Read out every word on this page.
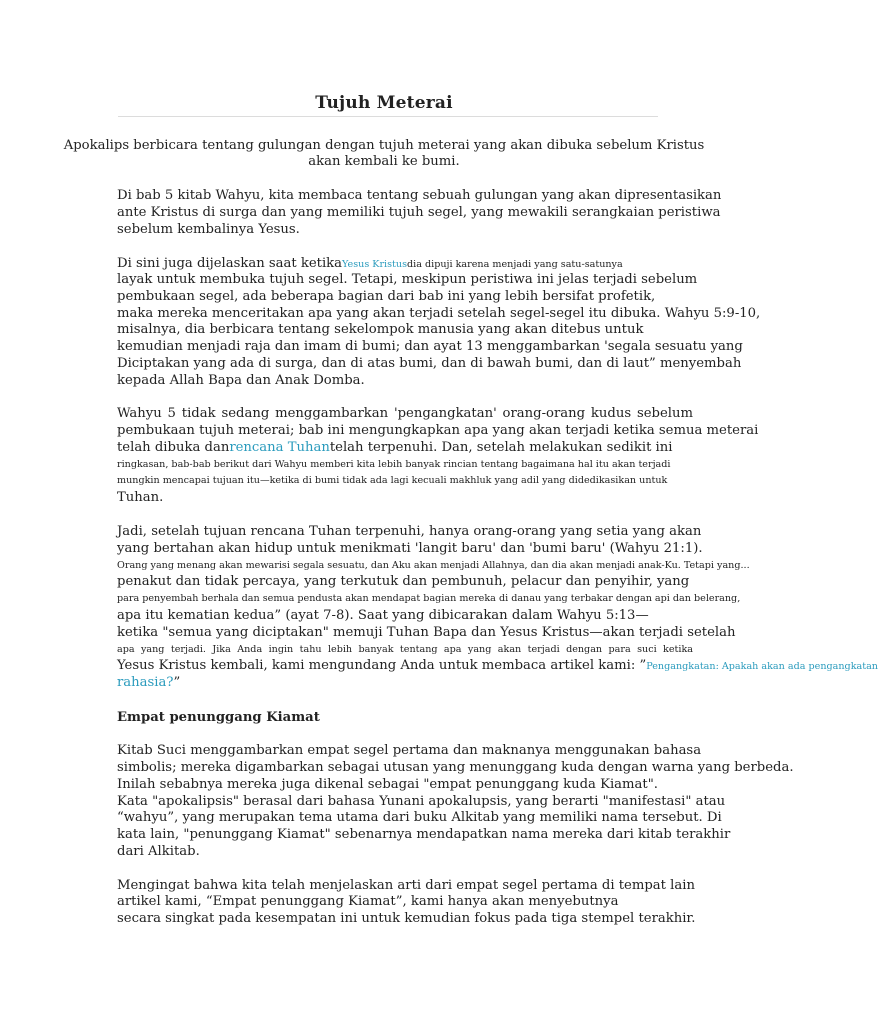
Tujuh Meterai
Apokalips berbicara tentang gulungan dengan tujuh meterai yang akan dibuka sebelum Kristus
akan kembali ke bumi.
Di bab 5 kitab Wahyu, kita membaca tentang sebuah gulungan yang akan dipresentasikan
ante Kristus di surga dan yang memiliki tujuh segel, yang mewakili serangkaian peristiwa
sebelum kembalinya Yesus.
Di sini juga dijelaskan saat ketikaYesus Kristusdia dipuji karena menjadi yang satu-satunya
layak untuk membuka tujuh segel. Tetapi, meskipun peristiwa ini jelas terjadi sebelum
pembukaan segel, ada beberapa bagian dari bab ini yang lebih bersifat profetik,
maka mereka menceritakan apa yang akan terjadi setelah segel-segel itu dibuka. Wahyu 5:9-10,
misalnya, dia berbicara tentang sekelompok manusia yang akan ditebus untuk
kemudian menjadi raja dan imam di bumi; dan ayat 13 menggambarkan 'segala sesuatu yang
Diciptakan yang ada di surga, dan di atas bumi, dan di bawah bumi, dan di laut” menyembah
kepada Allah Bapa dan Anak Domba.
Wahyu 5 tidak sedang menggambarkan 'pengangkatan' orang-orang kudus sebelum
pembukaan tujuh meterai; bab ini mengungkapkan apa yang akan terjadi ketika semua meterai
telah dibuka danrencana Tuhantelah terpenuhi. Dan, setelah melakukan sedikit ini
ringkasan, bab-bab berikut dari Wahyu memberi kita lebih banyak rincian tentang bagaimana hal itu akan terjadi
mungkin mencapai tujuan itu—ketika di bumi tidak ada lagi kecuali makhluk yang adil yang didedikasikan untuk
Tuhan.
Jadi, setelah tujuan rencana Tuhan terpenuhi, hanya orang-orang yang setia yang akan
yang bertahan akan hidup untuk menikmati 'langit baru' dan 'bumi baru' (Wahyu 21:1).
Orang yang menang akan mewarisi segala sesuatu, dan Aku akan menjadi Allahnya, dan dia akan menjadi anak-Ku. Tetapi yang...
penakut dan tidak percaya, yang terkutuk dan pembunuh, pelacur dan penyihir, yang
para penyembah berhala dan semua pendusta akan mendapat bagian mereka di danau yang terbakar dengan api dan belerang,
apa itu kematian kedua” (ayat 7-8). Saat yang dibicarakan dalam Wahyu 5:13—
ketika "semua yang diciptakan" memuji Tuhan Bapa dan Yesus Kristus—akan terjadi setelah
apa yang terjadi. Jika Anda ingin tahu lebih banyak tentang apa yang akan terjadi dengan para suci ketika
Yesus Kristus kembali, kami mengundang Anda untuk membaca artikel kami: ”Pengangkatan: Apakah akan ada pengangkatan
rahasia?”
Empat penunggang Kiamat
Kitab Suci menggambarkan empat segel pertama dan maknanya menggunakan bahasa
simbolis; mereka digambarkan sebagai utusan yang menunggang kuda dengan warna yang berbeda.
Inilah sebabnya mereka juga dikenal sebagai "empat penunggang kuda Kiamat".
Kata "apokalipsis" berasal dari bahasa Yunani apokalupsis, yang berarti "manifestasi" atau
“wahyu”, yang merupakan tema utama dari buku Alkitab yang memiliki nama tersebut. Di
kata lain, "penunggang Kiamat" sebenarnya mendapatkan nama mereka dari kitab terakhir
dari Alkitab.
Mengingat bahwa kita telah menjelaskan arti dari empat segel pertama di tempat lain
artikel kami, “Empat penunggang Kiamat”, kami hanya akan menyebutnya
secara singkat pada kesempatan ini untuk kemudian fokus pada tiga stempel terakhir.
